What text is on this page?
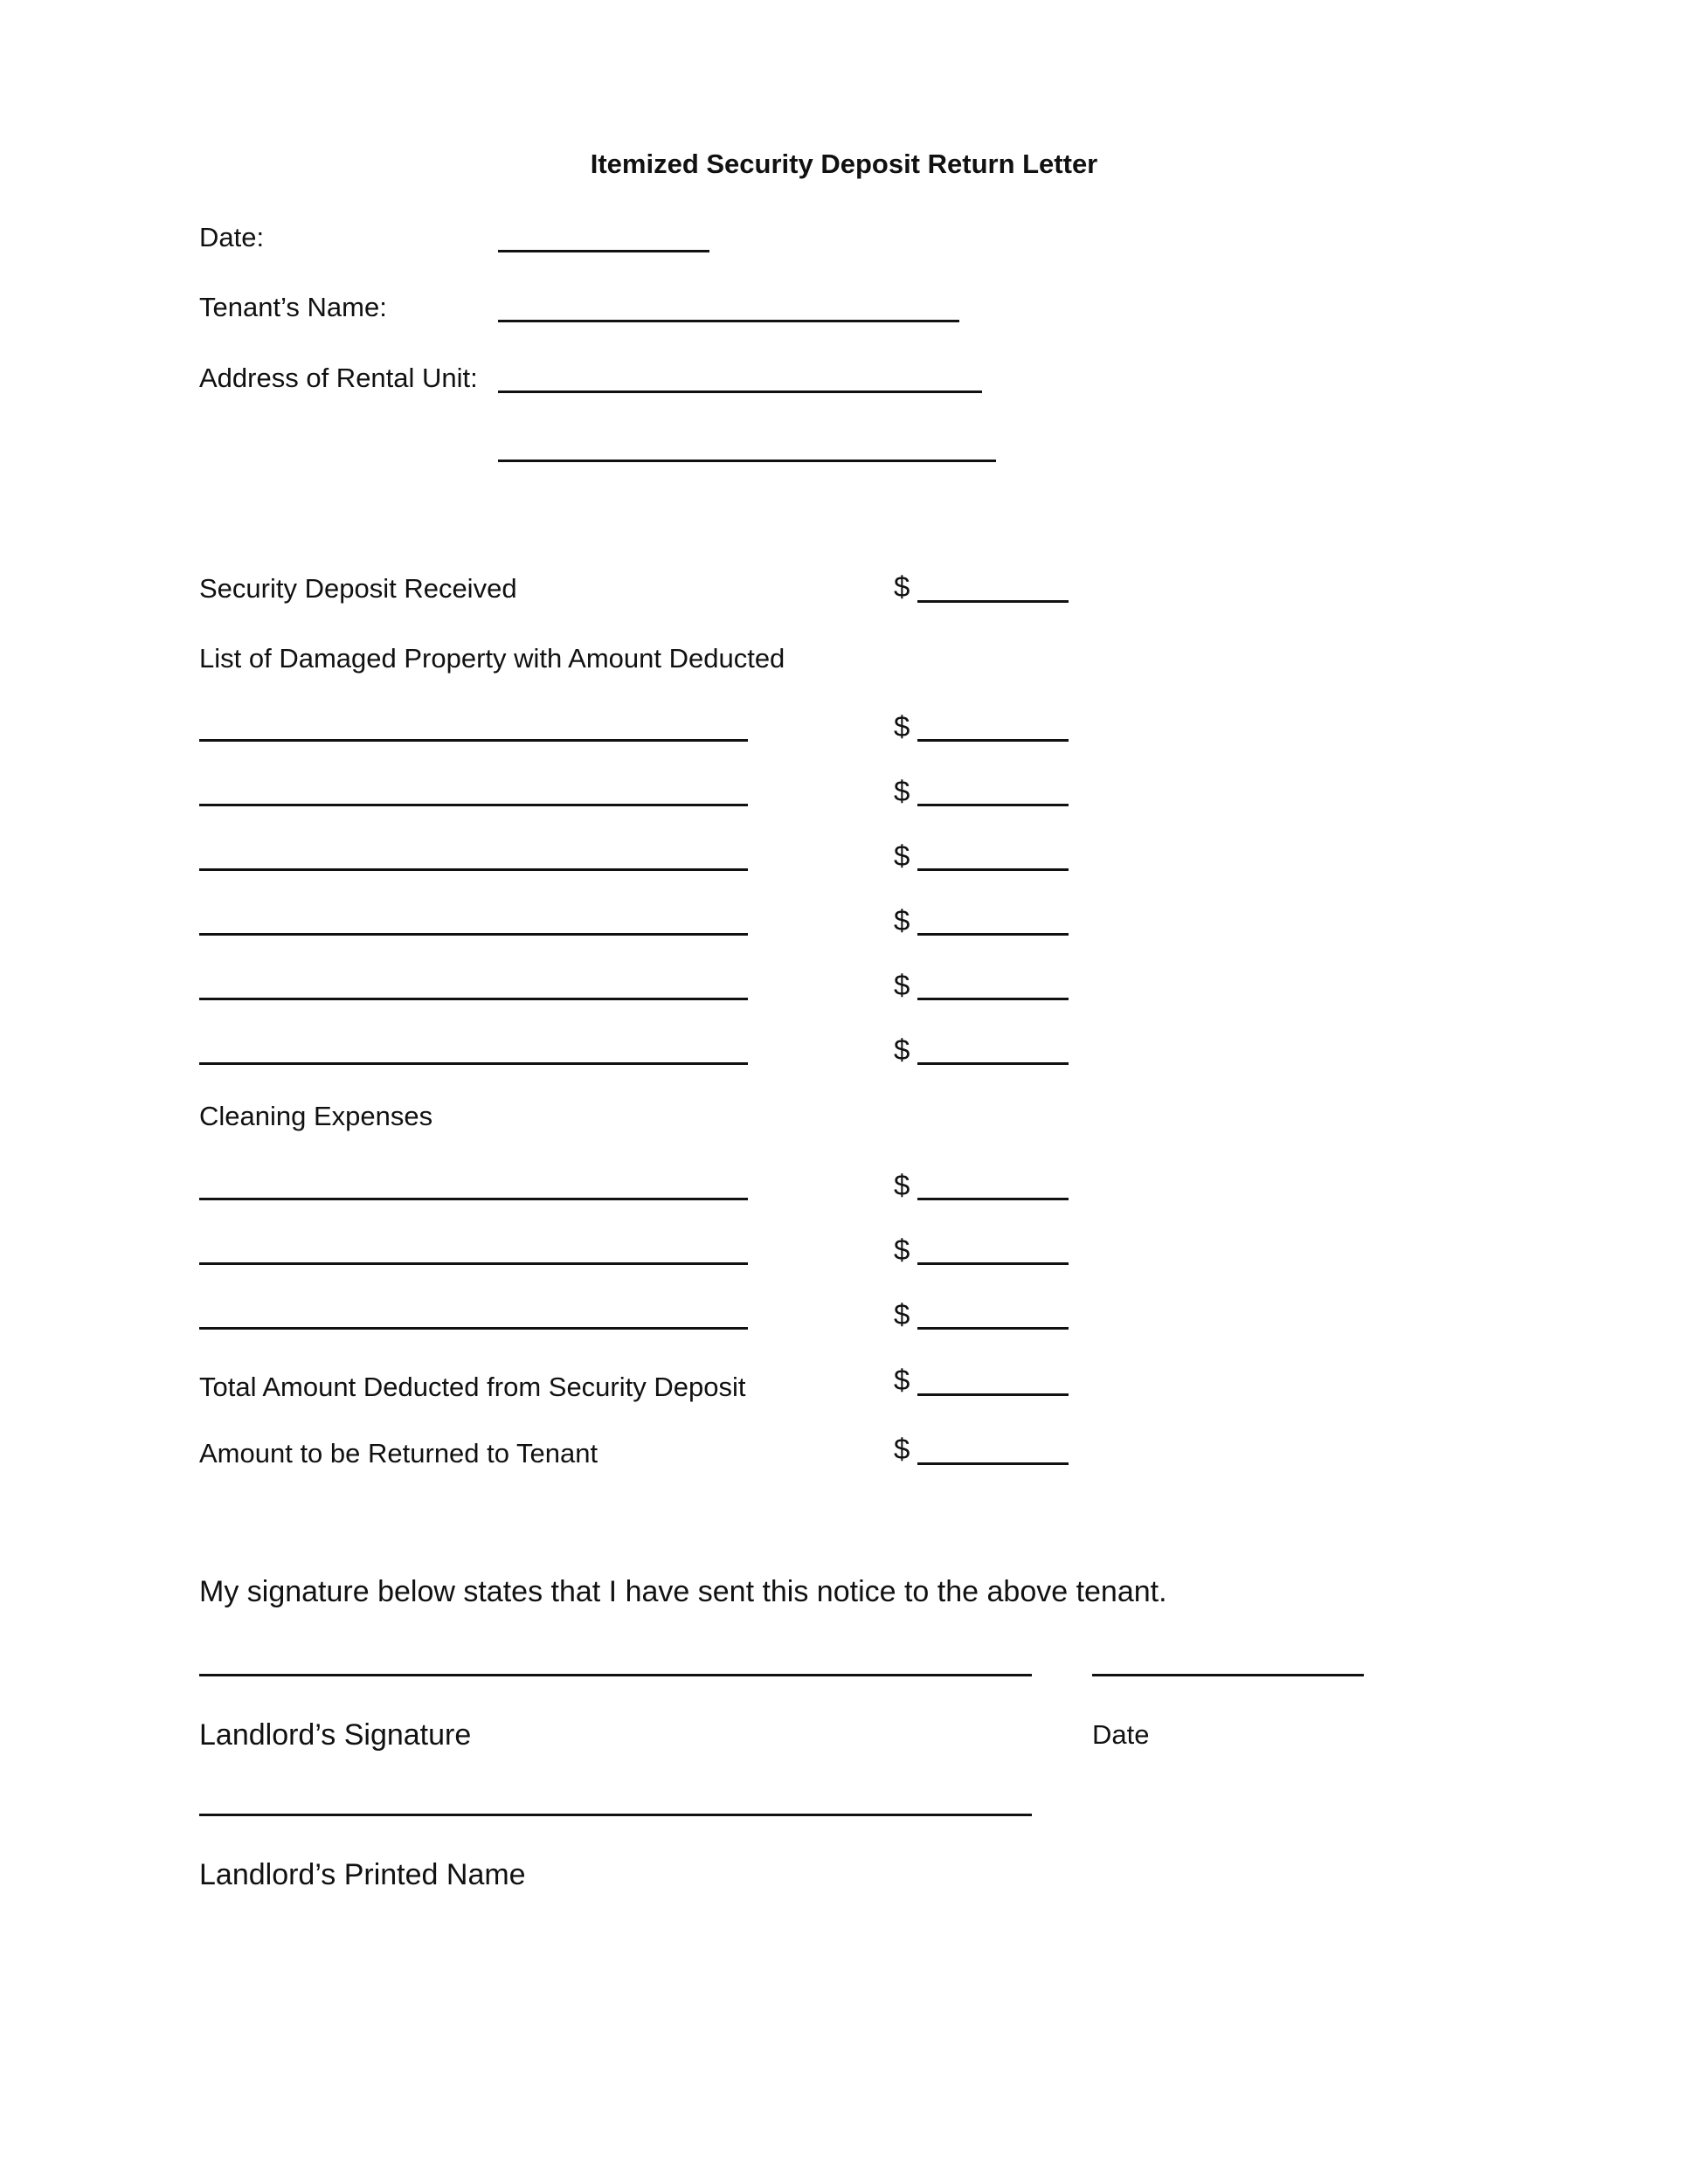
Itemized Security Deposit Return Letter
Date:
Tenant’s Name:
Address of Rental Unit:
Security Deposit Received	$
List of Damaged Property with Amount Deducted
$
$
$
$
$
$
Cleaning Expenses
$
$
$
Total Amount Deducted from Security Deposit	$
Amount to be Returned to Tenant	$
My signature below states that I have sent this notice to the above tenant.
Landlord’s Signature	Date
Landlord’s Printed Name
